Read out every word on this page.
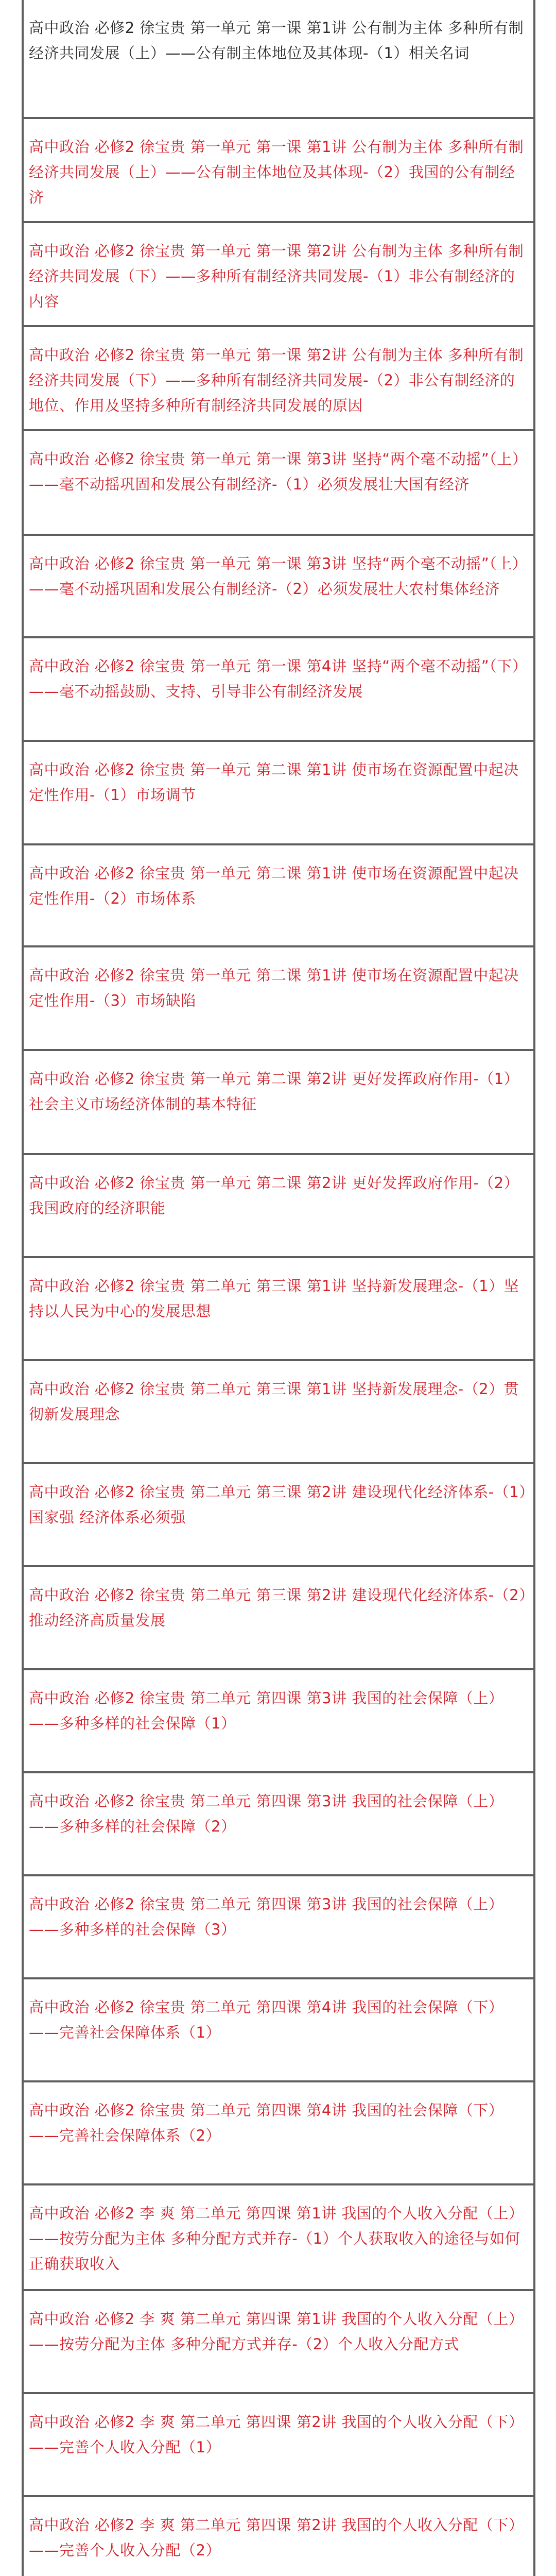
高中政治 必修2 徐宝贵 第一单元 第一课 第1讲 公有制为主体 多种所有制经济共同发展（上）——公有制主体地位及其体现-（1）相关名词
高中政治 必修2 徐宝贵 第一单元 第一课 第1讲 公有制为主体 多种所有制经济共同发展（上）——公有制主体地位及其体现-（2）我国的公有制经济
高中政治 必修2 徐宝贵 第一单元 第一课 第2讲 公有制为主体 多种所有制经济共同发展（下）——多种所有制经济共同发展-（1）非公有制经济的内容
高中政治 必修2 徐宝贵 第一单元 第一课 第2讲 公有制为主体 多种所有制经济共同发展（下）——多种所有制经济共同发展-（2）非公有制经济的地位、作用及坚持多种所有制经济共同发展的原因
高中政治 必修2 徐宝贵 第一单元 第一课 第3讲 坚持“两个毫不动摇”（上）——毫不动摇巩固和发展公有制经济-（1）必须发展壮大国有经济
高中政治 必修2 徐宝贵 第一单元 第一课 第3讲 坚持“两个毫不动摇”（上）——毫不动摇巩固和发展公有制经济-（2）必须发展壮大农村集体经济
高中政治 必修2 徐宝贵 第一单元 第一课 第4讲 坚持“两个毫不动摇”（下）——毫不动摇鼓励、支持、引导非公有制经济发展
高中政治 必修2 徐宝贵 第一单元 第二课 第1讲 使市场在资源配置中起决定性作用-（1）市场调节
高中政治 必修2 徐宝贵 第一单元 第二课 第1讲 使市场在资源配置中起决定性作用-（2）市场体系
高中政治 必修2 徐宝贵 第一单元 第二课 第1讲 使市场在资源配置中起决定性作用-（3）市场缺陷
高中政治 必修2 徐宝贵 第一单元 第二课 第2讲 更好发挥政府作用-（1）社会主义市场经济体制的基本特征
高中政治 必修2 徐宝贵 第一单元 第二课 第2讲 更好发挥政府作用-（2）我国政府的经济职能
高中政治 必修2 徐宝贵 第二单元 第三课 第1讲 坚持新发展理念-（1）坚持以人民为中心的发展思想
高中政治 必修2 徐宝贵 第二单元 第三课 第1讲 坚持新发展理念-（2）贯彻新发展理念
高中政治 必修2 徐宝贵 第二单元 第三课 第2讲 建设现代化经济体系-（1）国家强 经济体系必须强
高中政治 必修2 徐宝贵 第二单元 第三课 第2讲 建设现代化经济体系-（2）推动经济高质量发展
高中政治 必修2 徐宝贵 第二单元 第四课 第3讲 我国的社会保障（上）——多种多样的社会保障（1）
高中政治 必修2 徐宝贵 第二单元 第四课 第3讲 我国的社会保障（上）——多种多样的社会保障（2）
高中政治 必修2 徐宝贵 第二单元 第四课 第3讲 我国的社会保障（上）——多种多样的社会保障（3）
高中政治 必修2 徐宝贵 第二单元 第四课 第4讲 我国的社会保障（下）——完善社会保障体系（1）
高中政治 必修2 徐宝贵 第二单元 第四课 第4讲 我国的社会保障（下）——完善社会保障体系（2）
高中政治 必修2 李 爽 第二单元 第四课 第1讲 我国的个人收入分配（上）——按劳分配为主体 多种分配方式并存-（1）个人获取收入的途径与如何正确获取收入
高中政治 必修2 李 爽 第二单元 第四课 第1讲 我国的个人收入分配（上）——按劳分配为主体 多种分配方式并存-（2）个人收入分配方式
高中政治 必修2 李 爽 第二单元 第四课 第2讲 我国的个人收入分配（下）——完善个人收入分配（1）
高中政治 必修2 李 爽 第二单元 第四课 第2讲 我国的个人收入分配（下）——完善个人收入分配（2）
